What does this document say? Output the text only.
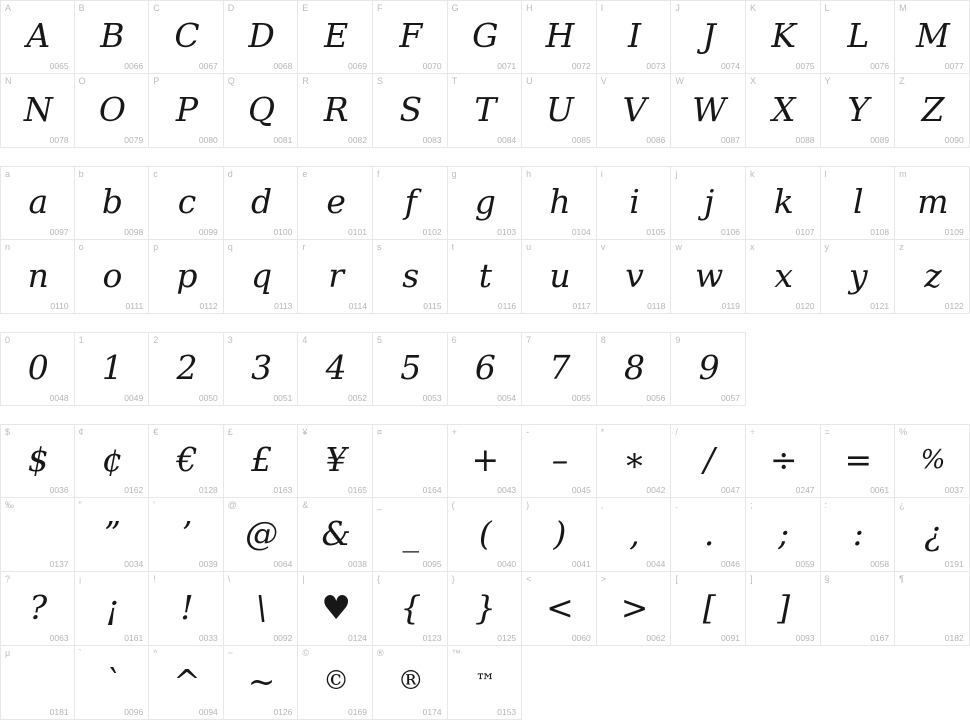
A
A
0065
B
B
0066
C
C
0067
D
D
0068
E
E
0069
F
F
0070
G
G
0071
H
H
0072
I
I
0073
J
J
0074
K
K
0075
L
L
0076
M
M
0077
N
N
0078
O
O
0079
P
P
0080
Q
Q
0081
R
R
0082
S
S
0083
T
T
0084
U
U
0085
V
V
0086
W
W
0087
X
X
0088
Y
Y
0089
Z
Z
0090
a
a
0097
b
b
0098
c
c
0099
d
d
0100
e
e
0101
f
f
0102
g
g
0103
h
h
0104
i
i
0105
j
j
0106
k
k
0107
l
l
0108
m
m
0109
n
n
0110
o
o
0111
p
p
0112
q
q
0113
r
r
0114
s
s
0115
t
t
0116
u
u
0117
v
v
0118
w
w
0119
x
x
0120
y
y
0121
z
z
0122
0
0
0048
1
1
0049
2
2
0050
3
3
0051
4
4
0052
5
5
0053
6
6
0054
7
7
0055
8
8
0056
9
9
0057
$
$
0036
¢
¢
0162
€
€
0128
£
£
0163
¥
¥
0165
¤
0164
+
+
0043
-
–
0045
*
∗
0042
/
/
0047
÷
÷
0247
=
=
0061
%
%
0037
‰
0137
"
”
0034
'
’
0039
@
@
0064
&
&
0038
_
_
0095
(
(
0040
)
)
0041
,
,
0044
.
.
0046
;
;
0059
:
:
0058
¿
¿
0191
?
?
0063
¡
¡
0161
!
!
0033
\
\
0092
|
♥
0124
{
{
0123
}
}
0125
<
<
0060
>
>
0062
[
[
0091
]
]
0093
§
0167
¶
0182
µ
0181
`
`
0096
^
^
0094
~
~
0126
©
©
0169
®
®
0174
™
™
0153
